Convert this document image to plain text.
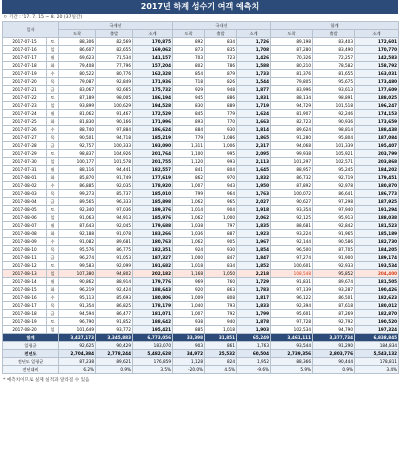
2017년 하계 성수기 여객 예측치
ㅇ 기간 : '17. 7. 15 ~ 8. 20 (37일간)
일자		국제선			국내선			합계		
		도착	출발	소계	도착	출발	소계	도착	출발	소계
2017-07-15	토	88,306	82,569	170,875	892	834	1,726	89,198	83,403	172,601
2017-07-16	일	86,607	82,655	169,062	873	835	1,708	87,280	83,490	170,770
2017-07-17	월	69,623	71,534	141,157	703	723	1,426	70,326	72,257	142,583
2017-07-18	화	79,408	77,796	157,204	802	786	1,588	80,210	78,582	158,792
2017-07-19	수	80,522	80,776	162,328	854	879	1,733	81,376	81,655	163,031
2017-07-20	목	79,087	92,849	171,936	718	826	1,544	79,805	95,675	173,480
2017-07-21	금	83,067	92,665	175,732	929	948	1,877	83,996	93,613	177,609
2017-07-22	토	87,189	98,005	186,194	945	886	1,831	88,134	98,891	188,025
2017-07-23	일	93,899	100,629	194,528	830	889	1,719	94,729	101,518	196,247
2017-07-24	월	81,062	91,467	172,529	845	779	1,624	81,907	92,246	174,153
2017-07-25	화	81,830	90,166	171,996	893	770	1,663	82,723	90,936	173,659
2017-07-26	수	88,740	97,884	186,624	884	930	1,814	89,624	98,814	188,438
2017-07-27	목	90,501	94,718	185,219	779	1,086	1,865	91,280	95,804	187,084
2017-07-28	금	92,757	100,333	193,090	1,311	1,006	2,317	94,068	101,339	195,407
2017-07-29	토	98,837	104,926	201,764	1,100	995	2,095	99,938	105,921	203,799
2017-07-30	일	100,177	101,578	201,755	1,120	993	2,113	101,297	102,571	203,868
2017-07-31	월	88,116	94,441	182,557	841	804	1,645	88,957	95,245	184,202
2017-08-01	화	85,870	91,749	177,619	862	970	1,832	86,732	92,719	179,451
2017-08-02	수	86,885	92,035	178,920	1,007	943	1,950	87,892	92,978	180,870
2017-08-03	목	99,273	85,737	185,010	799	964	1,763	100,072	86,641	186,773
2017-08-04	금	89,565	96,333	185,898	1,062	965	2,027	90,627	97,298	187,925
2017-08-05	토	92,340	97,036	189,376	1,014	904	1,918	93,354	97,940	191,294
2017-08-06	일	91,063	94,913	185,976	1,062	1,000	2,062	92,125	95,913	188,038
2017-08-07	월	87,643	92,045	179,688	1,038	797	1,835	88,681	92,842	181,523
2017-08-08	화	92,188	91,078	183,266	1,036	887	1,923	93,224	91,965	185,189
2017-08-09	수	91,082	89,681	180,763	1,062	905	1,967	92,144	90,586	182,730
2017-08-10	목	95,576	86,775	182,351	924	930	1,854	96,500	87,705	184,205
2017-08-11	금	96,274	91,053	187,327	1,000	847	1,847	97,274	91,900	189,174
2017-08-12	토	99,583	92,099	191,682	1,018	834	1,852	100,601	92,933	193,534
2017-08-13	일	107,380	94,802	202,182	1,168	1,050	2,218	108,548	95,852	204,400
2017-08-14	월	90,862	88,914	179,776	969	760	1,729	91,831	89,674	181,505
2017-08-15	화	96,219	92,424	188,643	920	863	1,783	97,139	93,287	190,426
2017-08-16	수	95,113	85,693	180,806	1,009	808	1,817	96,122	86,501	182,623
2017-08-17	목	91,354	86,825	178,179	1,040	793	1,833	92,394	87,618	180,012
2017-08-18	금	94,594	86,477	181,071	1,007	792	1,799	95,601	87,269	182,870
2017-08-19	토	96,790	91,852	188,642	938	940	1,878	97,728	92,792	190,520
2017-08-20	일	101,649	93,772	195,421	885	1,018	1,903	102,534	94,790	197,324
합계		3,427,173	3,345,883	6,773,056	33,398	31,851	65,249	3,461,111	3,377,734	6,838,845
일평균		92,625	90,429	183,070	903	861	1,763	93,544	91,290	184,834
전년도		2,704,384	2,778,244	5,482,628	34,972	25,532	60,504	2,739,356	2,803,776	5,543,132
전년도 일평균		87,238	89,621	176,859	1,128	824	1,952	88,366	90,444	178,811
전년대비		6.2%	0.9%	3.5%	-20.0%	4.5%	-9.6%	5.9%	0.9%	3.4%
* 예측치이므로 실제 실적과 달라질 수 있음
